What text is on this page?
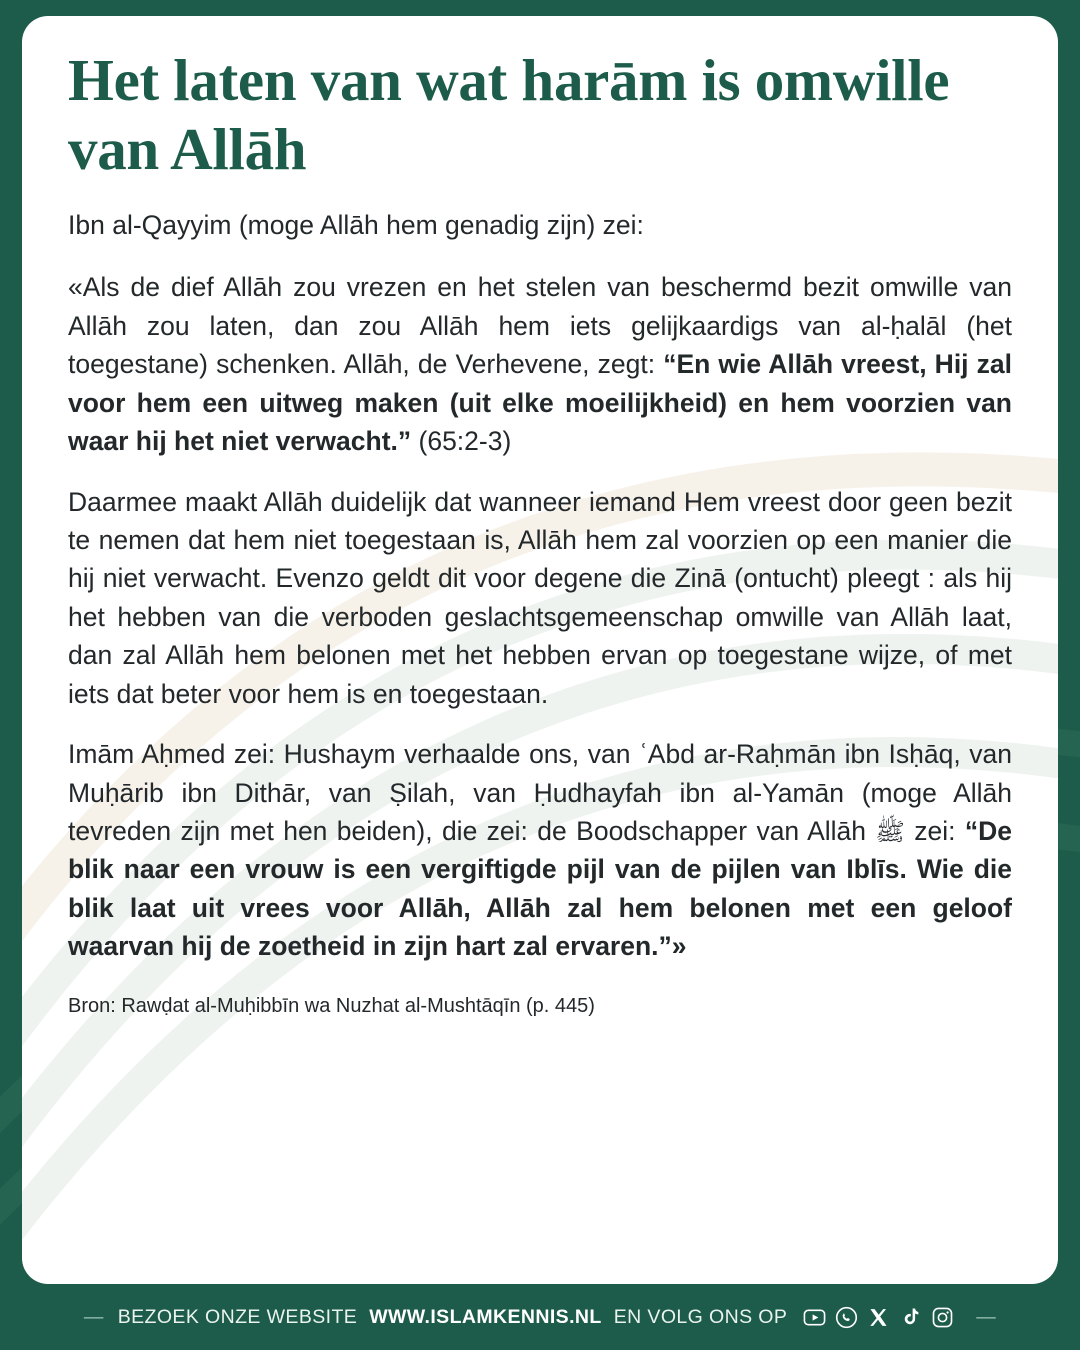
Het laten van wat harām is omwille van Allāh

Ibn al-Qayyim (moge Allāh hem genadig zijn) zei:

«Als de dief Allāh zou vrezen en het stelen van beschermd bezit omwille van Allāh zou laten, dan zou Allāh hem iets gelijkaardigs van al-ḥalāl (het toegestane) schenken. Allāh, de Verhevene, zegt: “En wie Allāh vreest, Hij zal voor hem een uitweg maken (uit elke moeilijkheid) en hem voorzien van waar hij het niet verwacht.” (65:2-3)

Daarmee maakt Allāh duidelijk dat wanneer iemand Hem vreest door geen bezit te nemen dat hem niet toegestaan is, Allāh hem zal voorzien op een manier die hij niet verwacht. Evenzo geldt dit voor degene die Zinā (ontucht) pleegt : als hij het hebben van die verboden geslachtsgemeenschap omwille van Allāh laat, dan zal Allāh hem belonen met het hebben ervan op toegestane wijze, of met iets dat beter voor hem is en toegestaan.

Imām Aḥmed zei: Hushaym verhaalde ons, van ʿAbd ar-Raḥmān ibn Isḥāq, van Muḥārib ibn Dithār, van Ṣilah, van Ḥudhayfah ibn al-Yamān (moge Allāh tevreden zijn met hen beiden), die zei: de Boodschapper van Allāh ﷺ zei: “De blik naar een vrouw is een vergiftigde pijl van de pijlen van Iblīs. Wie die blik laat uit vrees voor Allāh, Allāh zal hem belonen met een geloof waarvan hij de zoetheid in zijn hart zal ervaren.”»

Bron: Rawḍat al-Muḥibbīn wa Nuzhat al-Mushtāqīn (p. 445)

— BEZOEK ONZE WEBSITE WWW.ISLAMKENNIS.NL EN VOLG ONS OP	—
